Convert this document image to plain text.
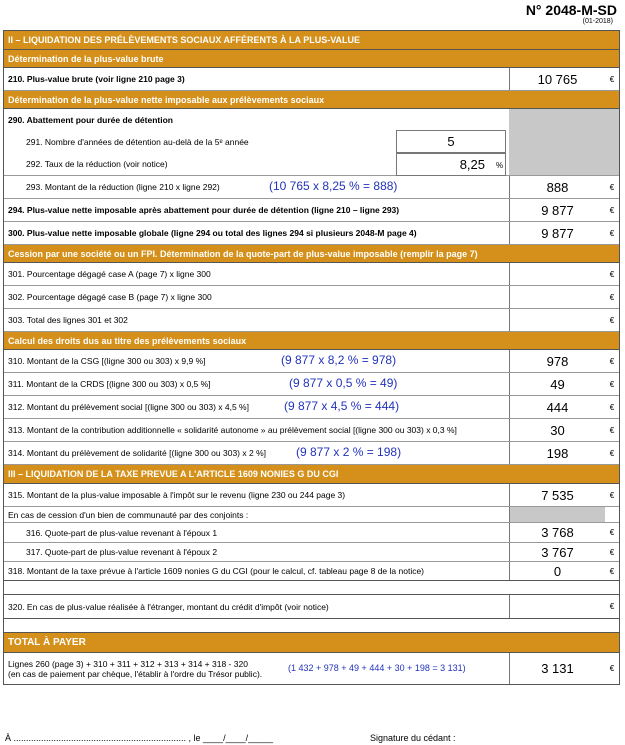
N° 2048-M-SD
(01-2018)
II – LIQUIDATION DES PRÉLÈVEMENTS SOCIAUX AFFÉRENTS À LA PLUS-VALUE
Détermination de la plus-value brute
210. Plus-value brute (voir ligne 210 page 3)	10 765	€
Détermination de la plus-value nette imposable aux prélèvements sociaux
290. Abattement pour durée de détention
291. Nombre d'années de détention au-delà de la 5ᵉ année	5
292. Taux de la réduction (voir notice)	8,25	%
293. Montant de la réduction (ligne 210 x ligne 292)	(10 765 x 8,25 % = 888)	888	€
294. Plus-value nette imposable après abattement pour durée de détention (ligne 210 – ligne 293)	9 877	€
300. Plus-value nette imposable globale (ligne 294 ou total des lignes 294 si plusieurs 2048-M page 4)	9 877	€
Cession par une société ou un FPI. Détermination de la quote-part de plus-value imposable (remplir la page 7)
301. Pourcentage dégagé case A (page 7) x ligne 300	€
302. Pourcentage dégagé case B (page 7) x ligne 300	€
303. Total des lignes 301 et 302	€
Calcul des droits dus au titre des prélèvements sociaux
310. Montant de la CSG [(ligne 300 ou 303) x 9,9 %]	(9 877 x 8,2 % = 978)	978	€
311. Montant de la CRDS [(ligne 300 ou 303) x 0,5 %]	(9 877 x 0,5 % = 49)	49	€
312. Montant du prélèvement social [(ligne 300 ou 303) x 4,5 %]	(9 877 x 4,5 % = 444)	444	€
313. Montant de la contribution additionnelle « solidarité autonome » au prélèvement social [(ligne 300 ou 303) x 0,3 %]	30	€
314. Montant du prélèvement de solidarité [(ligne 300 ou 303) x 2 %]	(9 877 x 2 % = 198)	198	€
III – LIQUIDATION DE LA TAXE PREVUE A L'ARTICLE 1609 NONIES G DU CGI
315. Montant de la plus-value imposable à l'impôt sur le revenu (ligne 230 ou 244 page 3)	7 535	€
En cas de cession d'un bien de communauté par des conjoints :
316. Quote-part de plus-value revenant à l'époux 1	3 768	€
317. Quote-part de plus-value revenant à l'époux 2	3 767	€
318. Montant de la taxe prévue à l'article 1609 nonies G du CGI (pour le calcul, cf. tableau page 8 de la notice)	0	€
320. En cas de plus-value réalisée à l'étranger, montant du crédit d'impôt (voir notice)	€
TOTAL À PAYER
Lignes 260 (page 3) + 310 + 311 + 312 + 313 + 314 + 318 - 320
(en cas de paiement par chèque, l'établir à l'ordre du Trésor public).
(1 432 + 978 + 49 + 444 + 30 + 198 = 3 131)	3 131	€
À ..................................................................... , le ____/____/_____	Signature du cédant :
